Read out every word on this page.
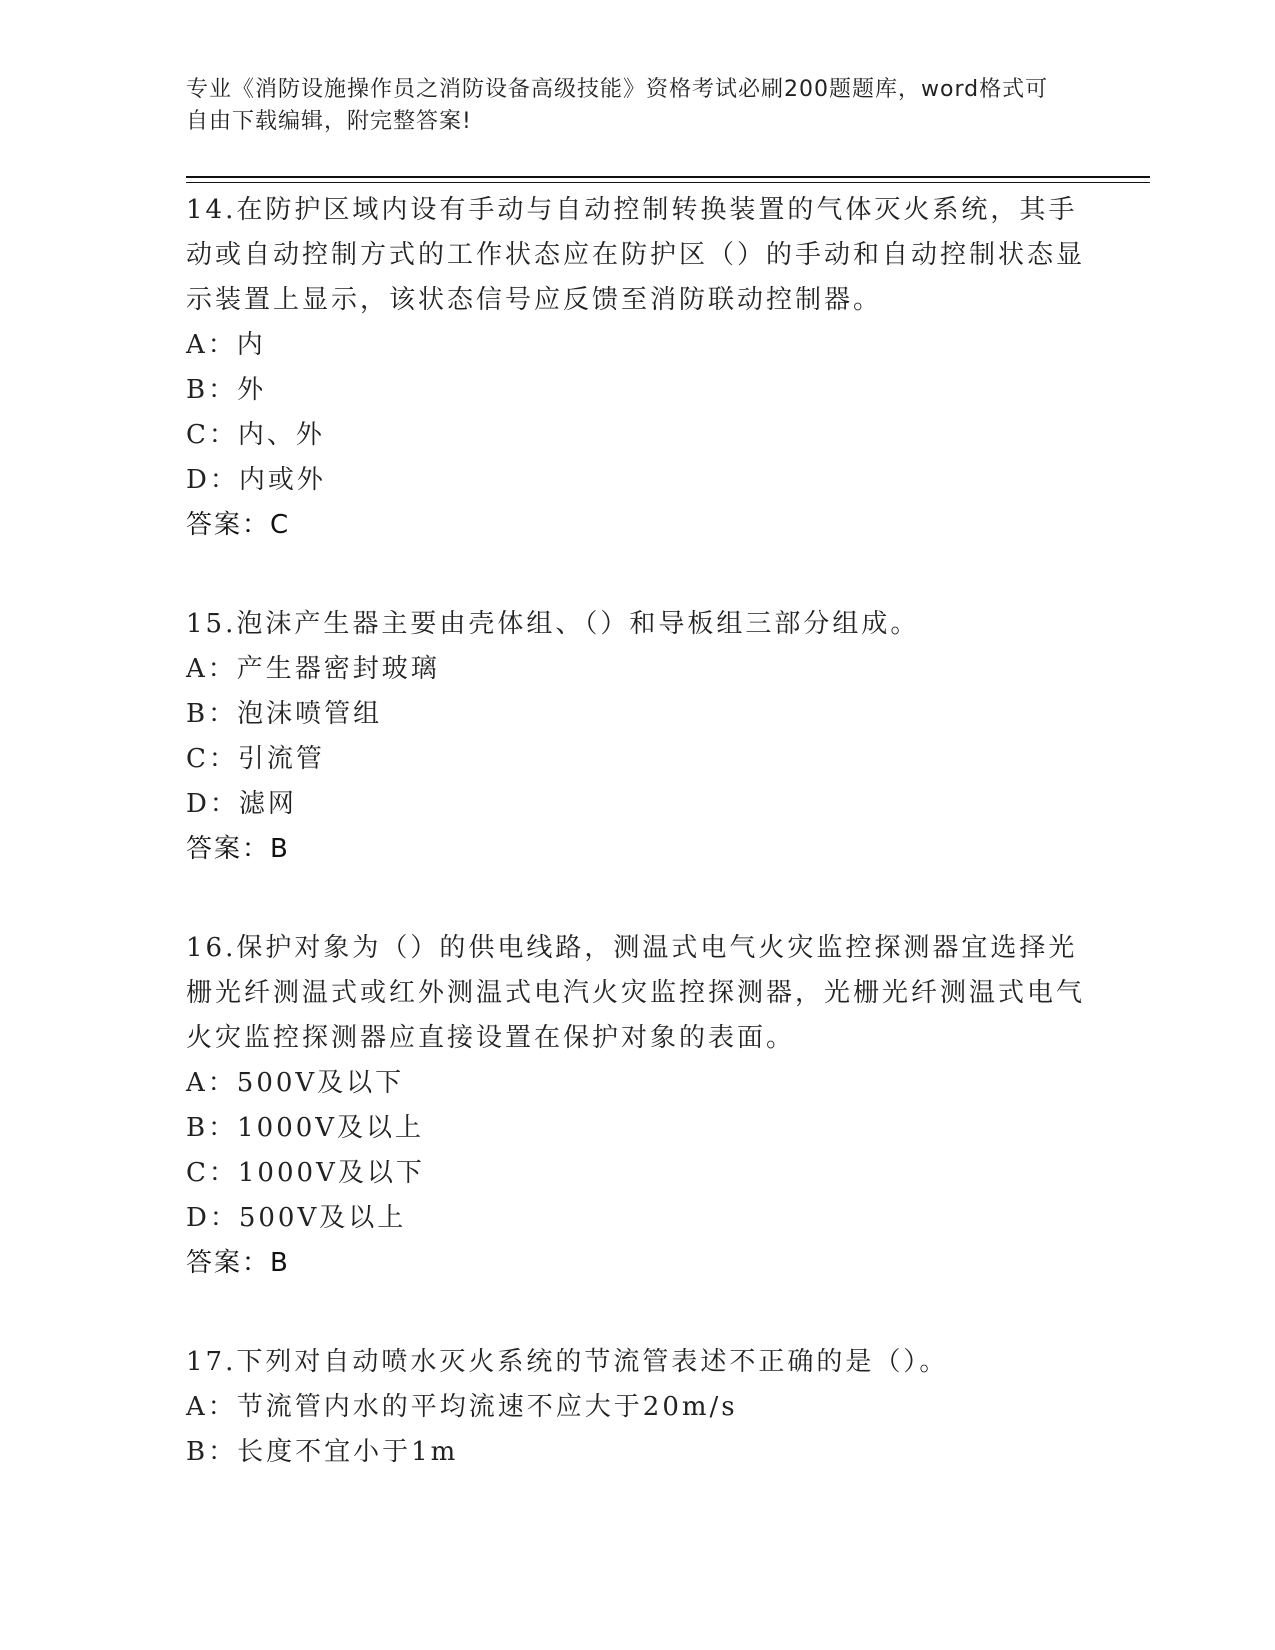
专业《消防设施操作员之消防设备高级技能》资格考试必刷200题题库，word格式可自由下载编辑，附完整答案!
14.在防护区域内设有手动与自动控制转换装置的气体灭火系统，其手动或自动控制方式的工作状态应在防护区（）的手动和自动控制状态显示装置上显示，该状态信号应反馈至消防联动控制器。
A：内
B：外
C：内、外
D：内或外
答案：C
15.泡沫产生器主要由壳体组、（）和导板组三部分组成。
A：产生器密封玻璃
B：泡沫喷管组
C：引流管
D：滤网
答案：B
16.保护对象为（）的供电线路，测温式电气火灾监控探测器宜选择光栅光纤测温式或红外测温式电汽火灾监控探测器，光栅光纤测温式电气火灾监控探测器应直接设置在保护对象的表面。
A：500V及以下
B：1000V及以上
C：1000V及以下
D：500V及以上
答案：B
17.下列对自动喷水灭火系统的节流管表述不正确的是（）。
A：节流管内水的平均流速不应大于20m/s
B：长度不宜小于1m
